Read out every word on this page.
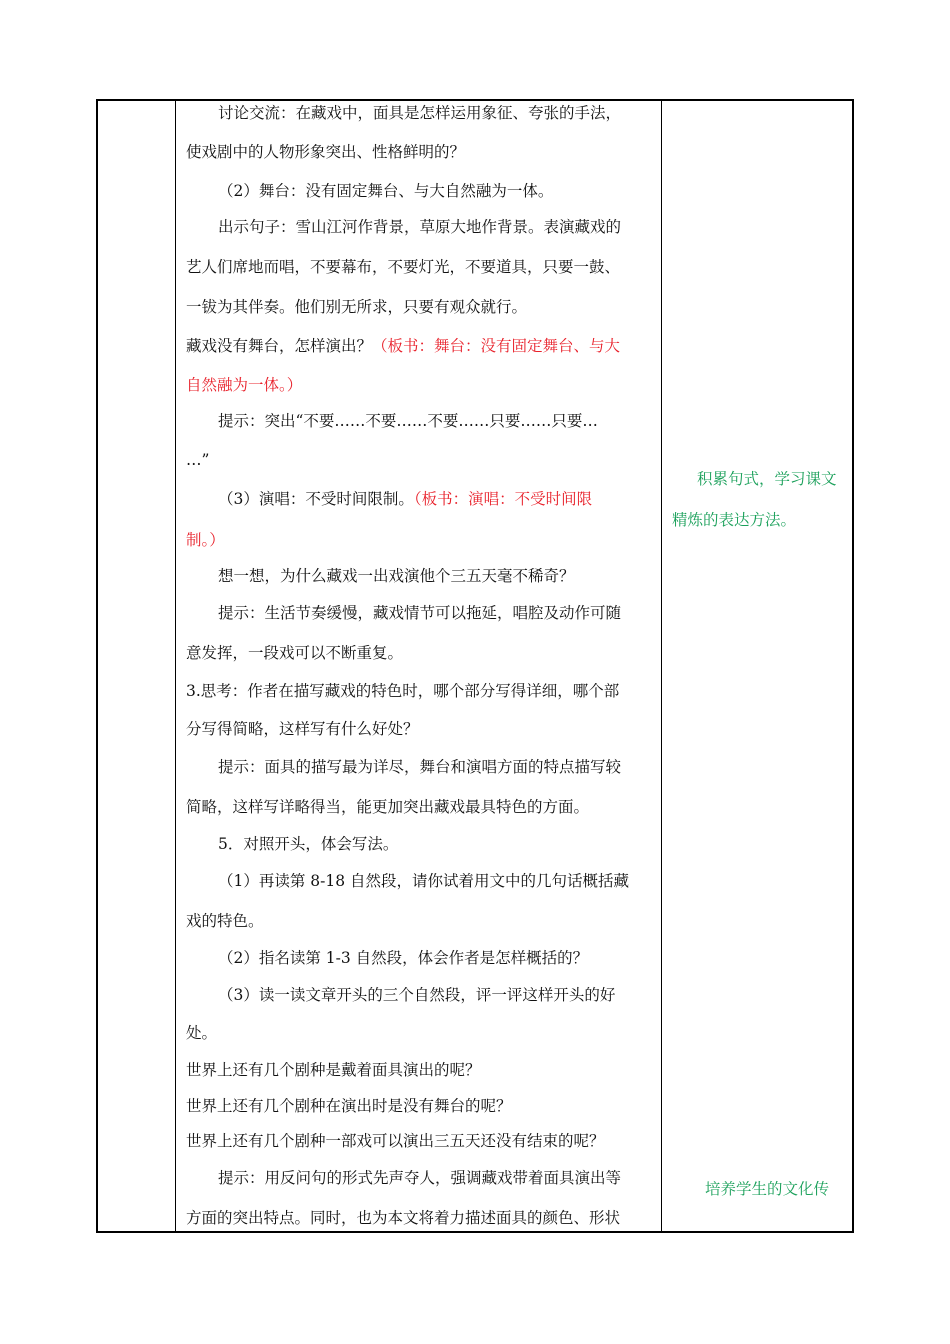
讨论交流：在藏戏中，面具是怎样运用象征、夸张的手法，
使戏剧中的人物形象突出、性格鲜明的？
（2）舞台：没有固定舞台、与大自然融为一体。
出示句子：雪山江河作背景，草原大地作背景。表演藏戏的
艺人们席地而唱，不要幕布，不要灯光，不要道具，只要一鼓、
一钹为其伴奏。他们别无所求，只要有观众就行。
藏戏没有舞台，怎样演出？（板书：舞台：没有固定舞台、与大
自然融为一体。）
提示：突出“不要……不要……不要……只要……只要…
…”
（3）演唱：不受时间限制。（板书：演唱：不受时间限
制。）
想一想，为什么藏戏一出戏演他个三五天毫不稀奇？
提示：生活节奏缓慢，藏戏情节可以拖延，唱腔及动作可随
意发挥，一段戏可以不断重复。
3.思考：作者在描写藏戏的特色时，哪个部分写得详细，哪个部
分写得简略，这样写有什么好处？
提示：面具的描写最为详尽，舞台和演唱方面的特点描写较
简略，这样写详略得当，能更加突出藏戏最具特色的方面。
5．对照开头，体会写法。
（1）再读第 8-18 自然段，请你试着用文中的几句话概括藏
戏的特色。
（2）指名读第 1-3 自然段，体会作者是怎样概括的？
（3）读一读文章开头的三个自然段，评一评这样开头的好
处。
世界上还有几个剧种是戴着面具演出的呢？
世界上还有几个剧种在演出时是没有舞台的呢？
世界上还有几个剧种一部戏可以演出三五天还没有结束的呢？
提示：用反问句的形式先声夺人，强调藏戏带着面具演出等
方面的突出特点。同时，也为本文将着力描述面具的颜色、形状
积累句式，学习课文
精炼的表达方法。
培养学生的文化传
